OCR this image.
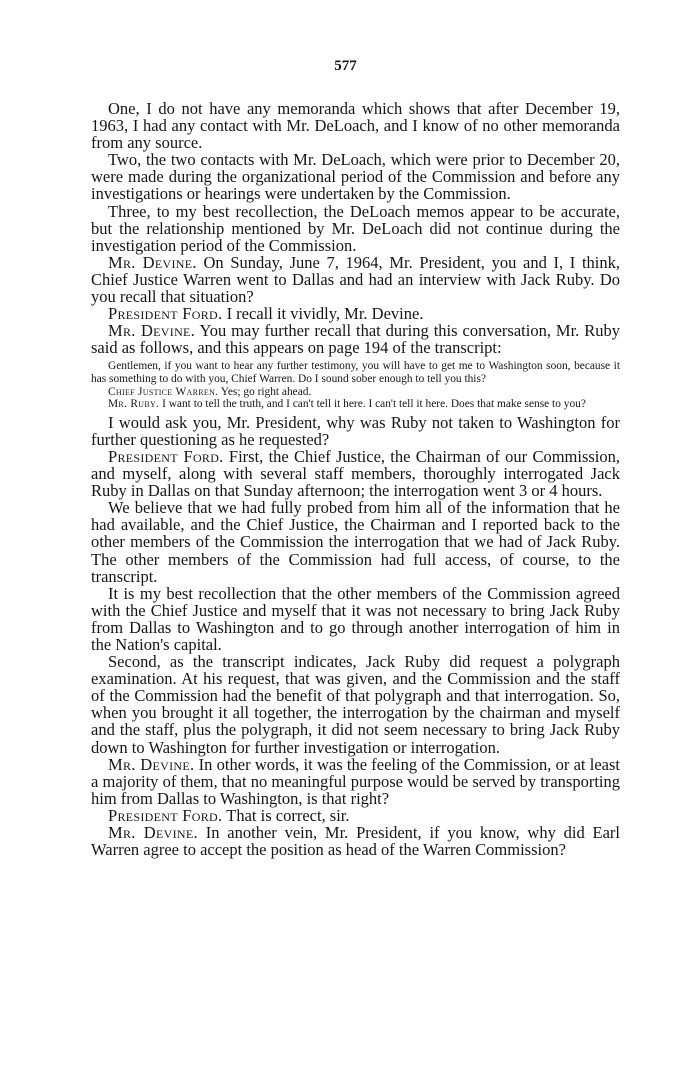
577

One, I do not have any memoranda which shows that after December 19, 1963, I had any contact with Mr. DeLoach, and I know of no other memoranda from any source.

Two, the two contacts with Mr. DeLoach, which were prior to December 20, were made during the organizational period of the Commission and before any investigations or hearings were undertaken by the Commission.

Three, to my best recollection, the DeLoach memos appear to be accurate, but the relationship mentioned by Mr. DeLoach did not continue during the investigation period of the Commission.

Mr. Devine. On Sunday, June 7, 1964, Mr. President, you and I, I think, Chief Justice Warren went to Dallas and had an interview with Jack Ruby. Do you recall that situation?

President Ford. I recall it vividly, Mr. Devine.

Mr. Devine. You may further recall that during this conversation, Mr. Ruby said as follows, and this appears on page 194 of the transcript:

Gentlemen, if you want to hear any further testimony, you will have to get me to Washington soon, because it has something to do with you, Chief Warren. Do I sound sober enough to tell you this?

Chief Justice Warren. Yes; go right ahead.

Mr. Ruby. I want to tell the truth, and I can't tell it here. I can't tell it here. Does that make sense to you?

I would ask you, Mr. President, why was Ruby not taken to Washington for further questioning as he requested?

President Ford. First, the Chief Justice, the Chairman of our Commission, and myself, along with several staff members, thoroughly interrogated Jack Ruby in Dallas on that Sunday afternoon; the interrogation went 3 or 4 hours.

We believe that we had fully probed from him all of the information that he had available, and the Chief Justice, the Chairman and I reported back to the other members of the Commission the interrogation that we had of Jack Ruby. The other members of the Commission had full access, of course, to the transcript.

It is my best recollection that the other members of the Commission agreed with the Chief Justice and myself that it was not necessary to bring Jack Ruby from Dallas to Washington and to go through another interrogation of him in the Nation's capital.

Second, as the transcript indicates, Jack Ruby did request a polygraph examination. At his request, that was given, and the Commission and the staff of the Commission had the benefit of that polygraph and that interrogation. So, when you brought it all together, the interrogation by the chairman and myself and the staff, plus the polygraph, it did not seem necessary to bring Jack Ruby down to Washington for further investigation or interrogation.

Mr. Devine. In other words, it was the feeling of the Commission, or at least a majority of them, that no meaningful purpose would be served by transporting him from Dallas to Washington, is that right?

President Ford. That is correct, sir.

Mr. Devine. In another vein, Mr. President, if you know, why did Earl Warren agree to accept the position as head of the Warren Commission?
